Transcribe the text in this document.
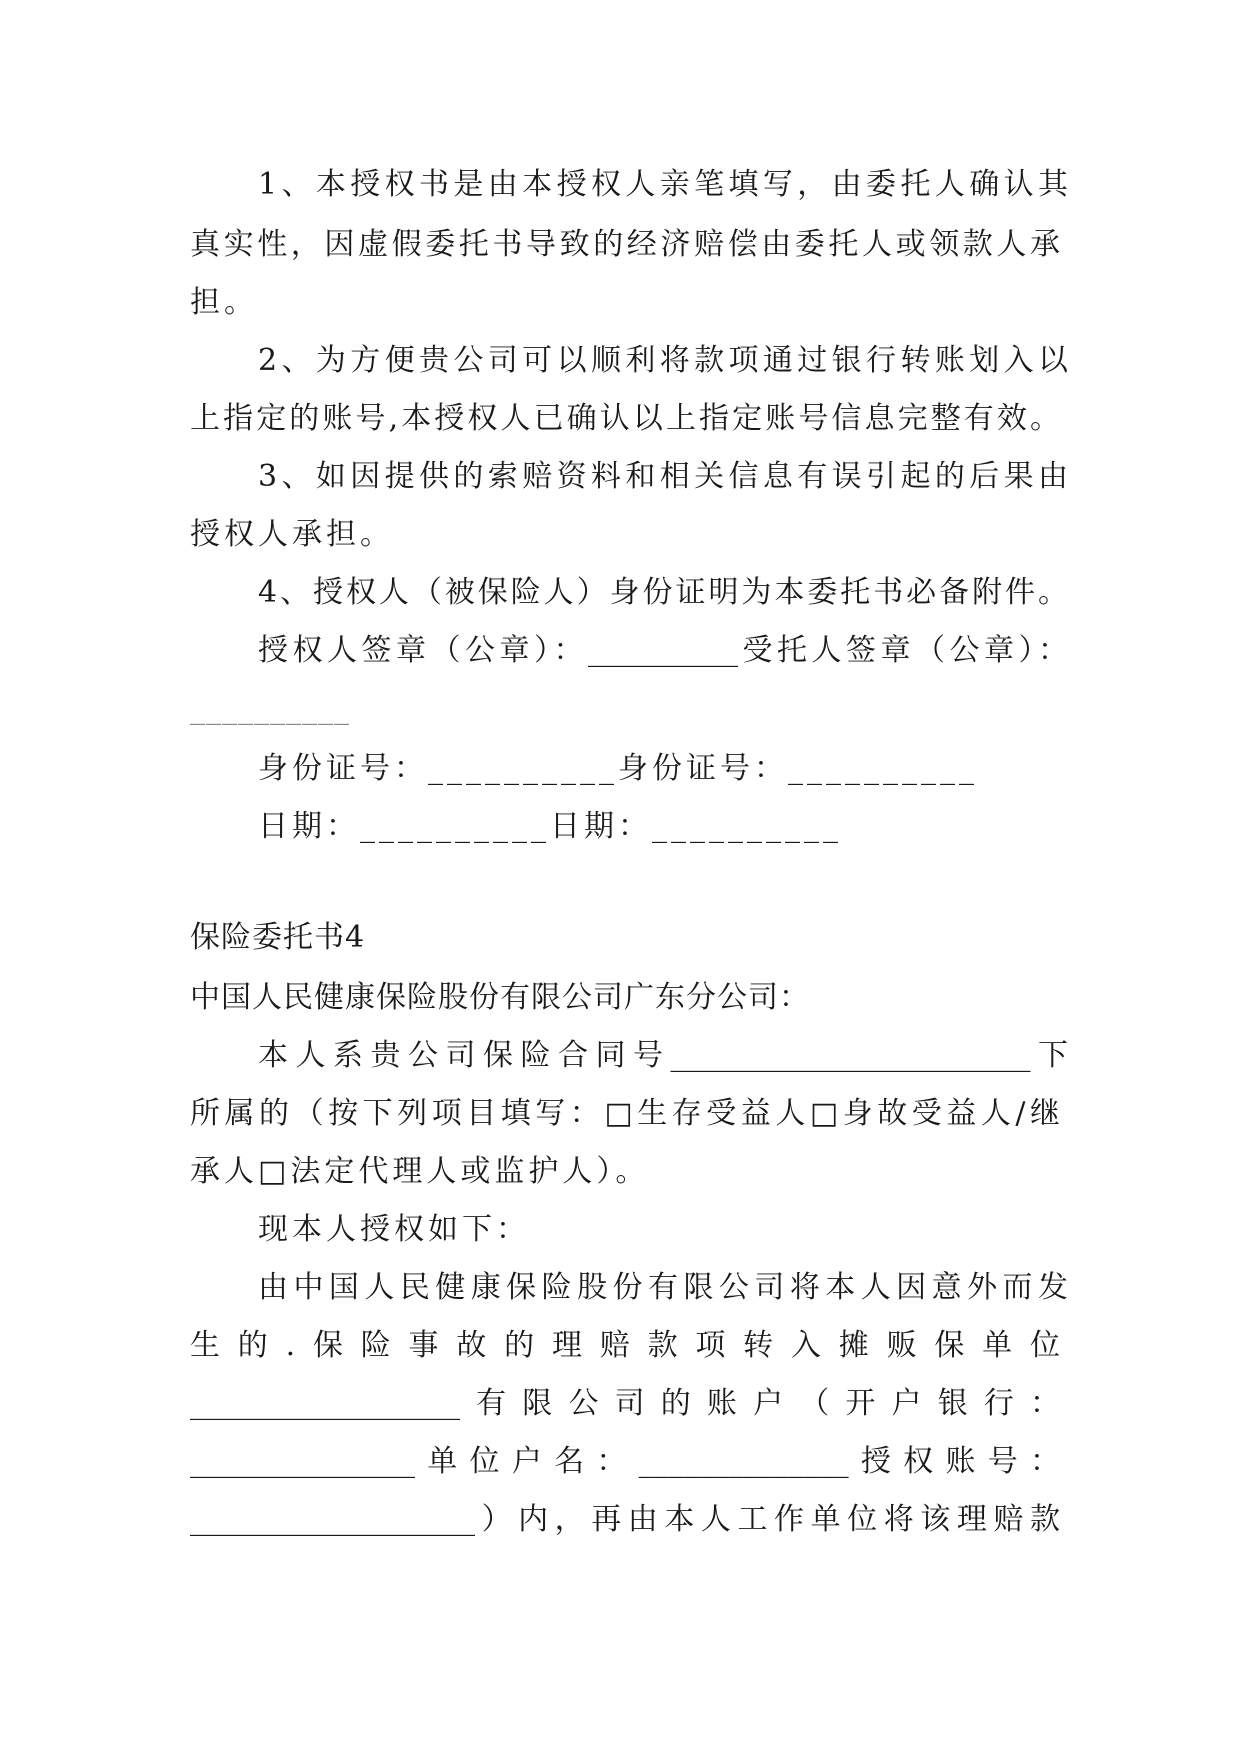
1、本授权书是由本授权人亲笔填写，由委托人确认其
真实性，因虚假委托书导致的经济赔偿由委托人或领款人承
担。
2、为方便贵公司可以顺利将款项通过银行转账划入以
上指定的账号,本授权人已确认以上指定账号信息完整有效。
3、如因提供的索赔资料和相关信息有误引起的后果由
授权人承担。
4、授权人（被保险人）身份证明为本委托书必备附件。
授权人签章（公章）：__________受托人签章（公章）：
__________
身份证号：__________身份证号：__________
日期：__________日期：__________
保险委托书4
中国人民健康保险股份有限公司广东分公司：
本人系贵公司保险合同号________________________下
所属的（按下列项目填写：□生存受益人□身故受益人/继
承人□法定代理人或监护人）。
现本人授权如下：
由中国人民健康保险股份有限公司将本人因意外而发
生的.保险事故的理赔款项转入摊贩保单位
__________________有限公司的账户（开户银行：
_______________单位户名：______________授权账号：
___________________）内，再由本人工作单位将该理赔款
